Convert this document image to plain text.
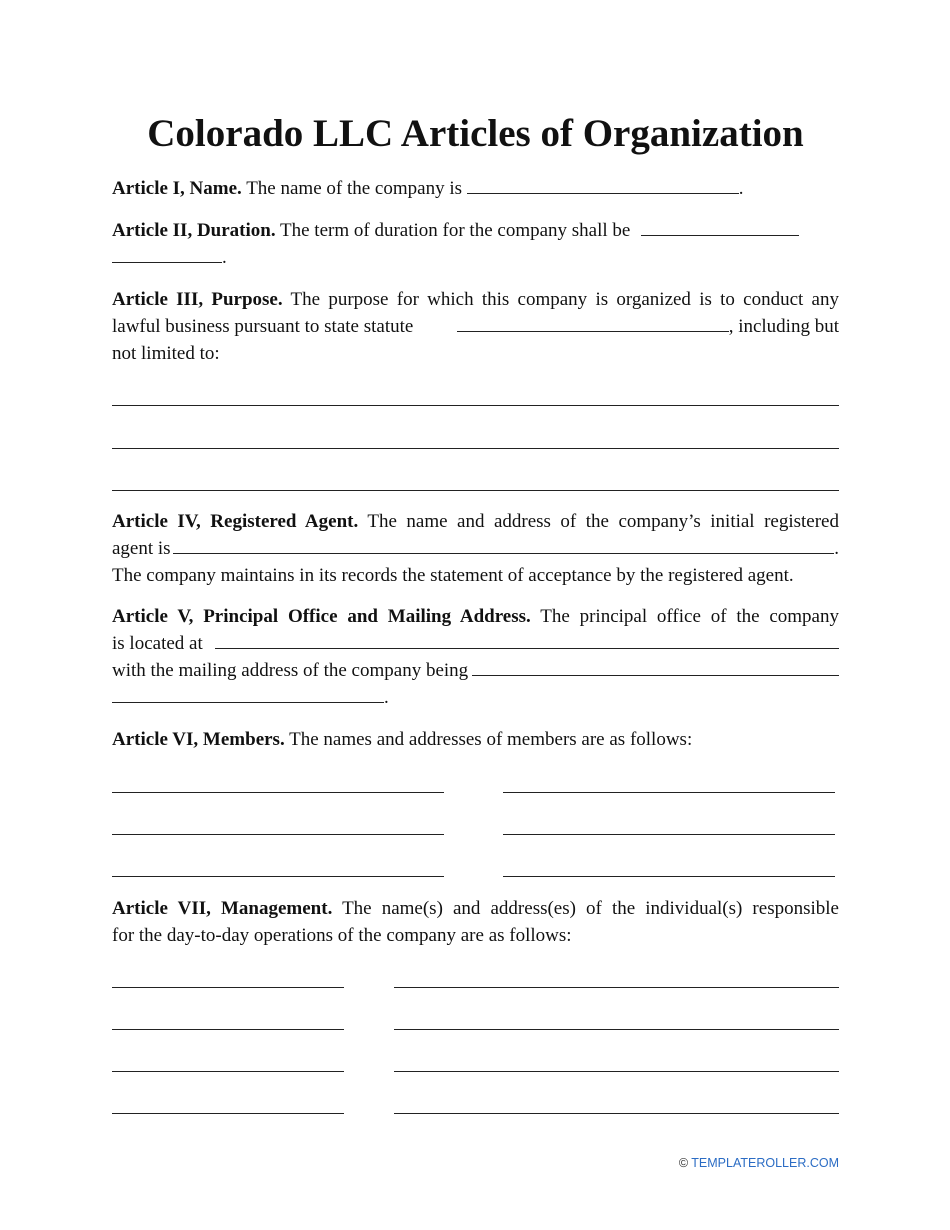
Colorado LLC Articles of Organization

Article I, Name. The name of the company is	.

Article II, Duration. The term of duration for the company shall be
.

Article III, Purpose. The purpose for which this company is organized is to conduct any
lawful business pursuant to state statute	, including but
not limited to:

Article IV, Registered Agent. The name and address of the company’s initial registered
agent is	.
The company maintains in its records the statement of acceptance by the registered agent.

Article V, Principal Office and Mailing Address. The principal office of the company
is located at
with the mailing address of the company being
.

Article VI, Members. The names and addresses of members are as follows:

Article VII, Management. The name(s) and address(es) of the individual(s) responsible
for the day-to-day operations of the company are as follows:

© TEMPLATEROLLER.COM
